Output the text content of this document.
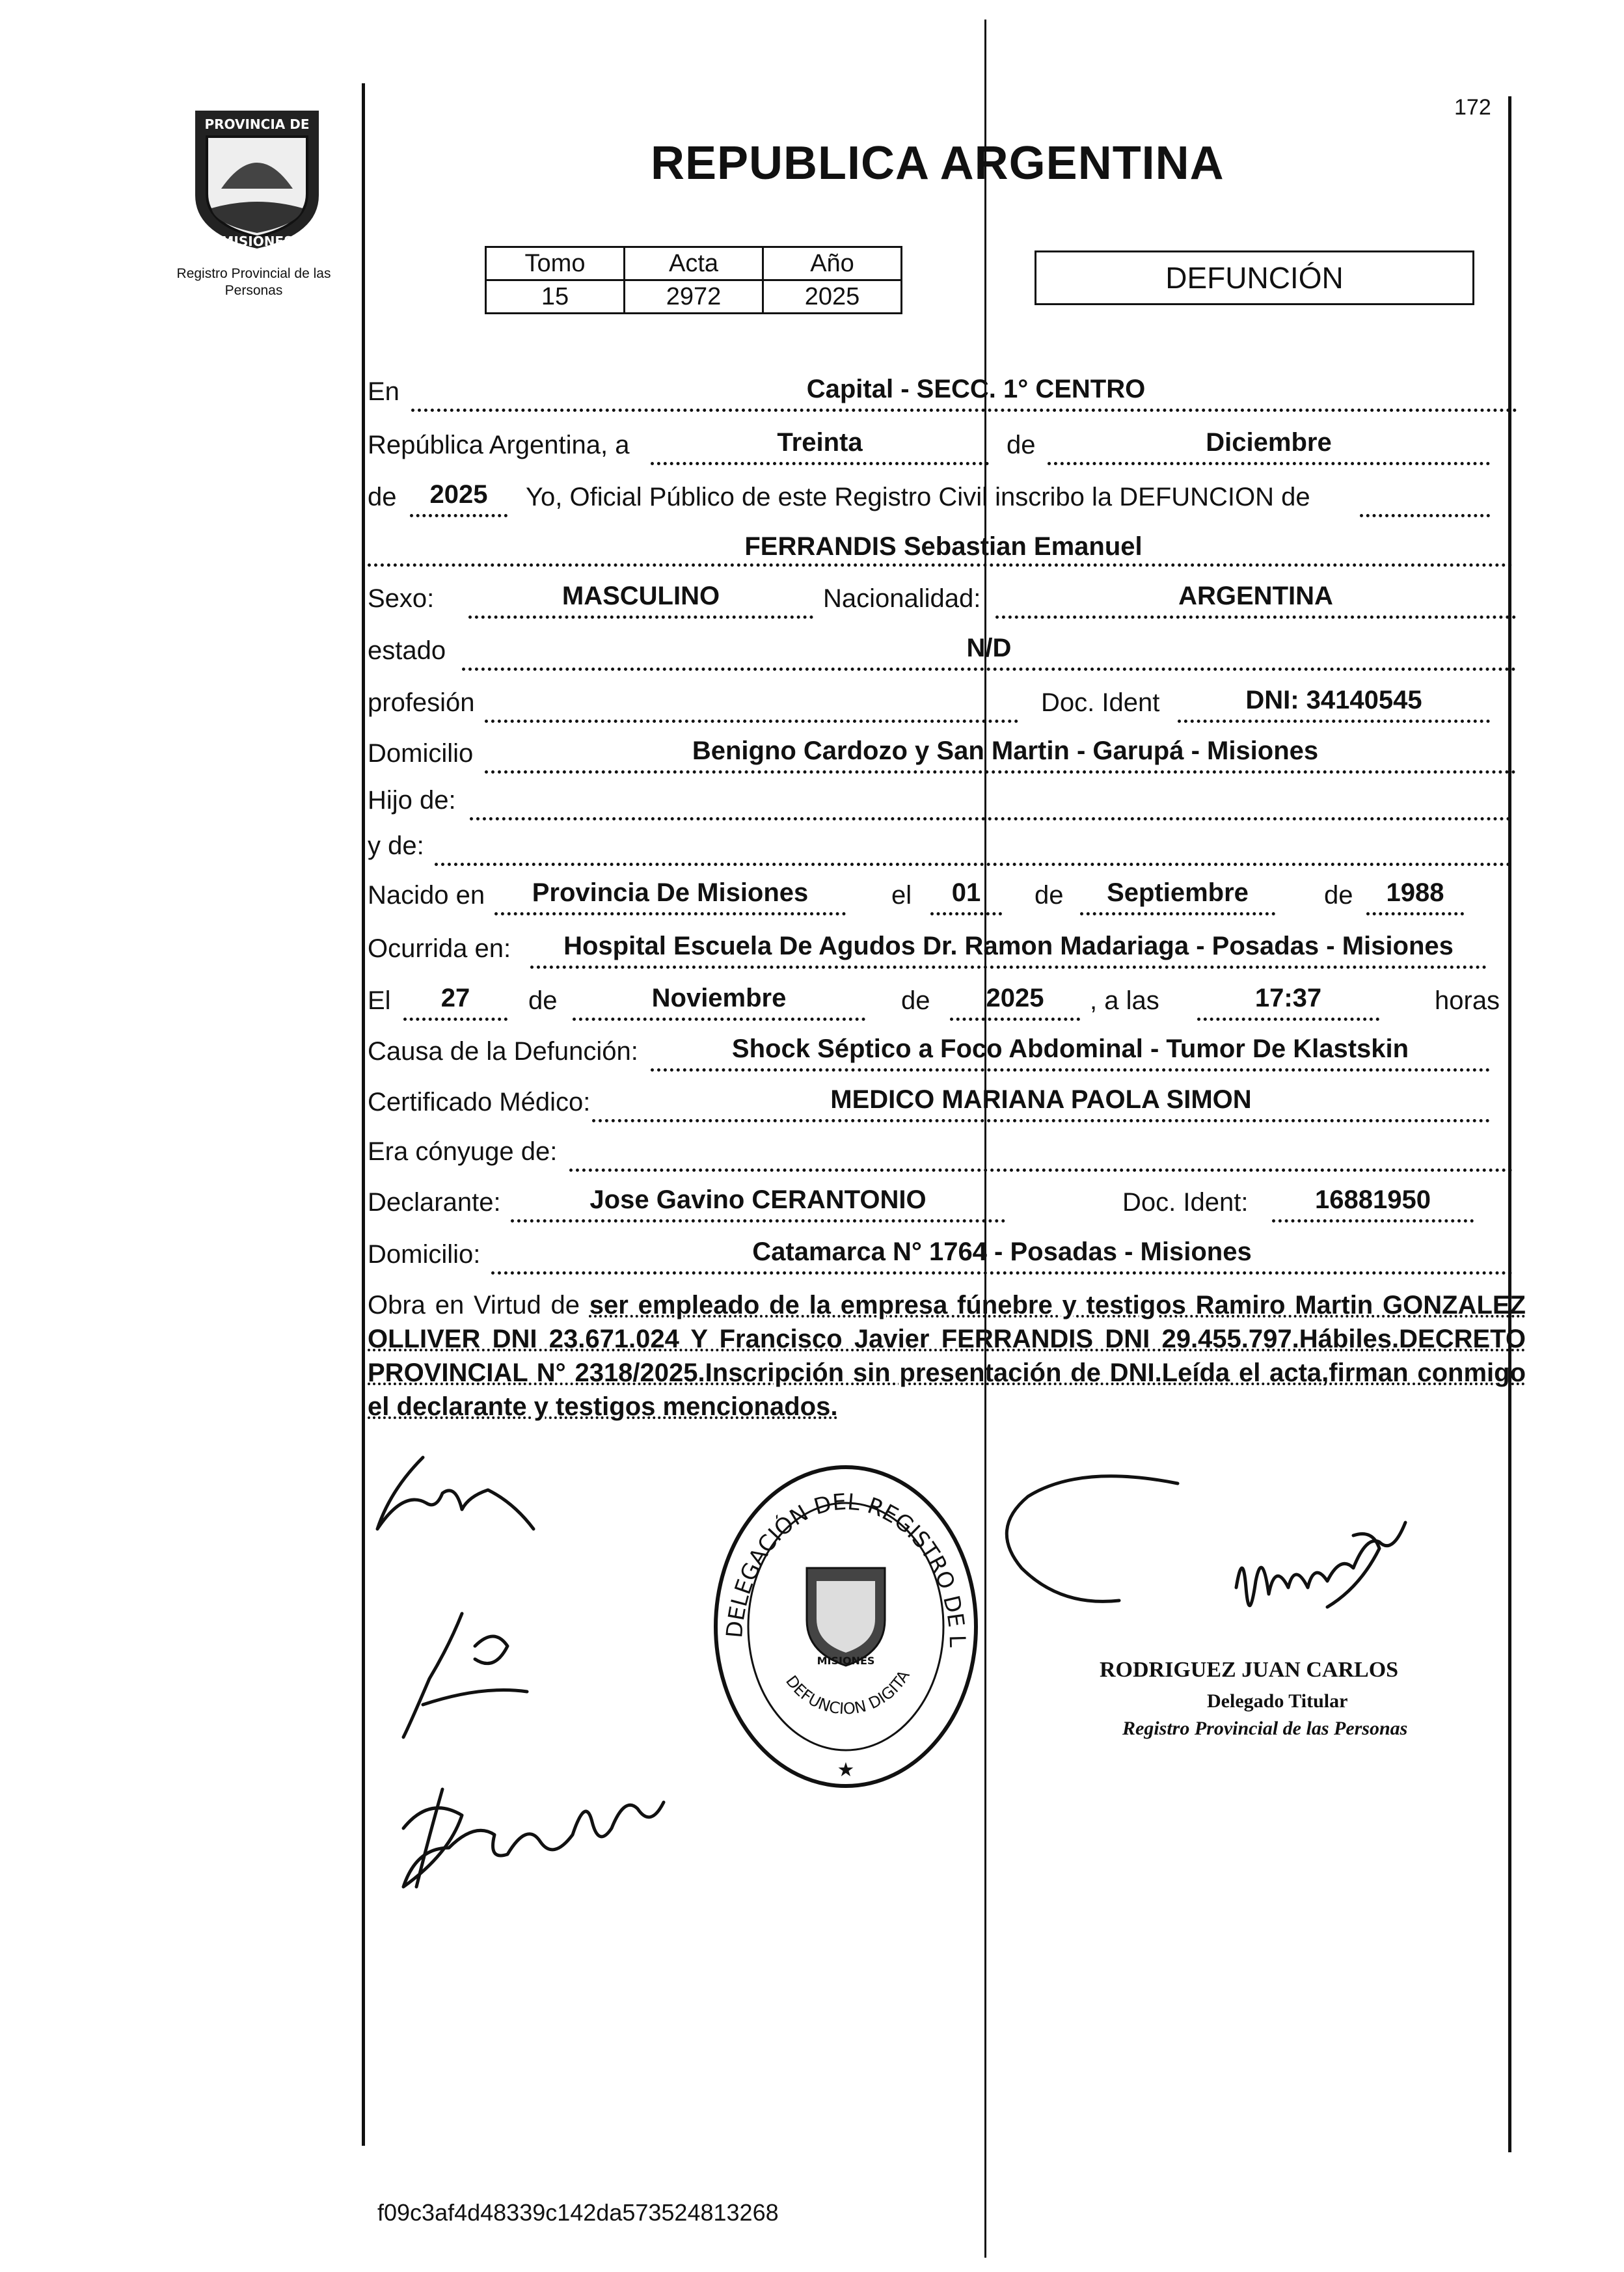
PROVINCIA DE
MISIONES
Registro Provincial de las Personas
172
REPUBLICA ARGENTINA
Tomo	Acta	Año
15	2972	2025
DEFUNCIÓN
En	Capital - SECC. 1° CENTRO
República Argentina, a	Treinta	de	Diciembre
de	2025	Yo, Oficial Público de este Registro Civil inscribo la DEFUNCION de
FERRANDIS Sebastian Emanuel
Sexo:	MASCULINO	Nacionalidad:	ARGENTINA
estado	N/D
profesión	Doc. Ident	DNI: 34140545
Domicilio	Benigno Cardozo y San Martin - Garupá - Misiones
Hijo de:
y de:
Nacido en	Provincia De Misiones	el	01	de	Septiembre	de	1988
Ocurrida en:	Hospital Escuela De Agudos Dr. Ramon Madariaga - Posadas - Misiones
El	27	de	Noviembre	de	2025	, a las	17:37	horas
Causa de la Defunción:	Shock Séptico a Foco Abdominal - Tumor De Klastskin
Certificado Médico:	MEDICO MARIANA PAOLA SIMON
Era cónyuge de:
Declarante:	Jose Gavino CERANTONIO	Doc. Ident:	16881950
Domicilio:	Catamarca N° 1764 - Posadas - Misiones
Obra en Virtud de ser empleado de la empresa fúnebre y testigos Ramiro Martin GONZALEZ OLLIVER DNI 23.671.024 Y Francisco Javier FERRANDIS DNI 29.455.797.Hábiles.DECRETO PROVINCIAL N° 2318/2025.Inscripción sin presentación de DNI.Leída el acta,firman conmigo el declarante y testigos mencionados.
DELEGACIÓN DEL REGISTRO DE L
MISIONES
DEFUNCION DIGITA
★
RODRIGUEZ JUAN CARLOS
Delegado Titular
Registro Provincial de las Personas
f09c3af4d48339c142da573524813268
